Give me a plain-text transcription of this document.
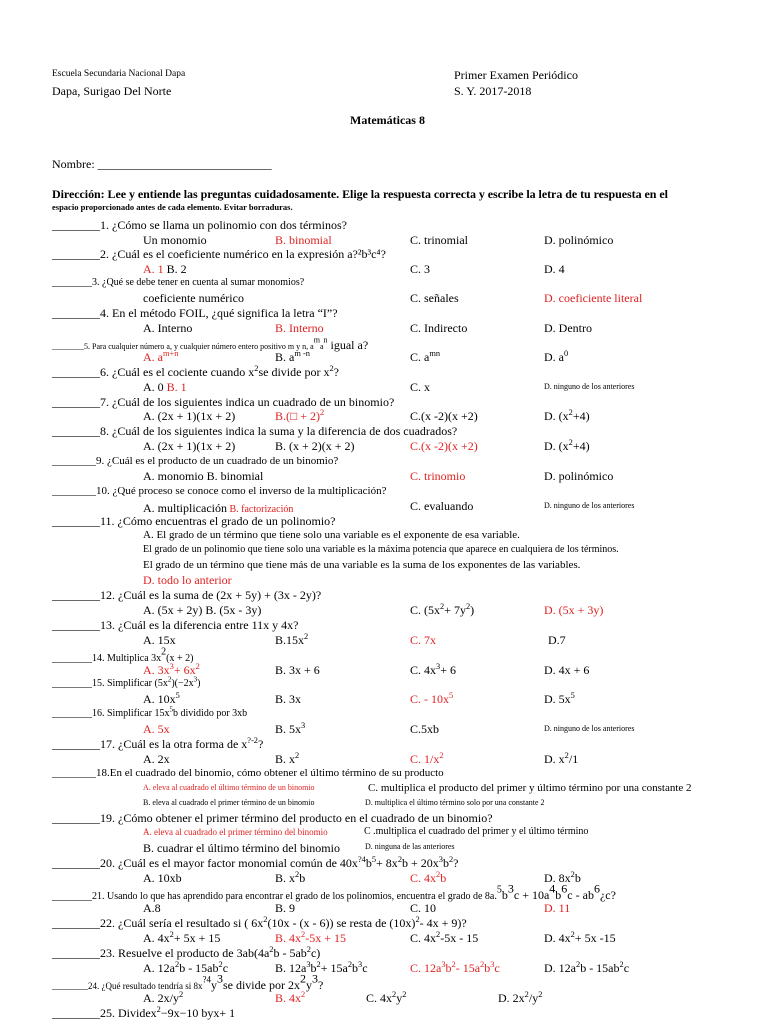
Escuela Secundaria Nacional Dapa
Dapa, Surigao Del Norte
Primer Examen Periódico
S. Y. 2017-2018
Matemáticas 8
Nombre: _____________________________
Dirección: Lee y entiende las preguntas cuidadosamente. Elige la respuesta correcta y escribe la letra de tu respuesta en el
espacio proporcionado antes de cada elemento. Evitar borraduras.
________1. ¿Cómo se llama un polinomio con dos términos?
Un monomio	B. binomial	C. trinomial	D. polinómico
________2. ¿Cuál es el coeficiente numérico en la expresión a?²b³c⁴?
A. 1 B. 2	C. 3	D. 4
________3. ¿Qué se debe tener en cuenta al sumar monomios?
coeficiente numérico	C. señales	D. coeficiente literal
________4. En el método FOIL, ¿qué significa la letra “I”?
A. Interno	B. Interno	C. Indirecto	D. Dentro
________5. Para cualquier número a, y cualquier número entero positivo m y n, $a^ma^n$ igual a?
A. $a^{m+n}$	B. $a^{m -n}$	C. $a^{mn}$	D. $a^0$
________6. ¿Cuál es el cociente cuando $x^2se$ divide por $x^2$?
A. 0 B. 1	C. x	D. ninguno de los anteriores
________7. ¿Cuál de los siguientes indica un cuadrado de un binomio?
A. (2x + 1)(1x + 2)	B.(□ + 2)$^2$	C.(x -2)(x +2)	D. $(x^2+4)$
________8. ¿Cuál de los siguientes indica la suma y la diferencia de dos cuadrados?
A. (2x + 1)(1x + 2)	B. (x + 2)(x + 2)	C.(x -2)(x +2)	D. $(x^2+4)$
________9. ¿Cuál es el producto de un cuadrado de un binomio?
A. monomio B. binomial	C. trinomio	D. polinómico
________10. ¿Qué proceso se conoce como el inverso de la multiplicación?
A. multiplicación B. factorización	C. evaluando	D. ninguno de los anteriores
________11. ¿Cómo encuentras el grado de un polinomio?
A. El grado de un término que tiene solo una variable es el exponente de esa variable.
El grado de un polinomio que tiene solo una variable es la máxima potencia que aparece en cualquiera de los términos.
El grado de un término que tiene más de una variable es la suma de los exponentes de las variables.
D. todo lo anterior
________12. ¿Cuál es la suma de (2x + 5y) + (3x - 2y)?
A. (5x + 2y) B. (5x - 3y)	C. $(5x^2+ 7y^2)$	D. (5x + 3y)
________13. ¿Cuál es la diferencia entre 11x y 4x?
A. 15x	$B.15x^2$	C. 7x	D.7
________14. Multiplica $3x^2(x + 2)$
A. $3x^3+ 6x^2$	B. 3x + 6	C. $4x^3+ 6$	D. 4x + 6
________15. Simplificar $(5x^2)(-2x^3)$
A. $10x^5$	B. 3x	C. - $10x^5$	D. $5x^5$
________16. Simplificar $15x^5b$ dividido por 3xb
A. 5x	B. $5x^3$	C.5xb	D. ninguno de los anteriores
________17. ¿Cuál es la otra forma de $x^{?-2}$?
A. 2x	B. $x^2$	C. $1/x^2$	D. $x^2/1$
________18.En el cuadrado del binomio, cómo obtener el último término de su producto
A. eleva al cuadrado el último término de un binomio	C. multiplica el producto del primer y último término por una constante 2
B. eleva al cuadrado el primer término de un binomio	D. multiplica el último término solo por una constante 2
________19. ¿Cómo obtener el primer término del producto en el cuadrado de un binomio?
A. eleva al cuadrado el primer término del binomio	C .multiplica el cuadrado del primer y el último término
B. cuadrar el último término del binomio	D. ninguna de las anteriores
________20. ¿Cuál es el mayor factor monomial común de $40x^{?4}b^5+ 8x^2b + 20x^3b^2$?
A. 10xb	B. $x^2b$	C. $4x^2b$	D. $8x^2b$
________21. Usando lo que has aprendido para encontrar el grado de los polinomios, encuentra el grado de $8a.^5b^3c + 10a^4b^6c$ - $ab^6¿c$?
A.8	B. 9	C. 10	D. 11
________22. ¿Cuál sería el resultado si ( $6x^2(10x - (x - 6))$ se resta de $(10x)^2-$ 4x + 9)?
A. $4x^2+ 5x + 15$	B. $4x^2-5x + 15$	C. $4x^2-5x - 15$	D. $4x^2+ 5x$ -15
________23. Resuelve el producto de $3ab(4a^2b - 5ab^2c)$
A. $12a^2b - 15ab^2c$	B. $12a^3b^2+ 15a^2b^3c$	C. $12a^3b^2-$ $15a^2b^3c$	D. $12a^2b - 15ab^2c$
________24. ¿Qué resultado tendría si $8x^{?4}y^3se$ divide por $2x^2y^3$?
A. $2x/y^2$	B. $4x^2$	C. $4x^2y^2$	D. $2x^2/y^2$
________25. Dividex$^2$−9x−10 byx+ 1
